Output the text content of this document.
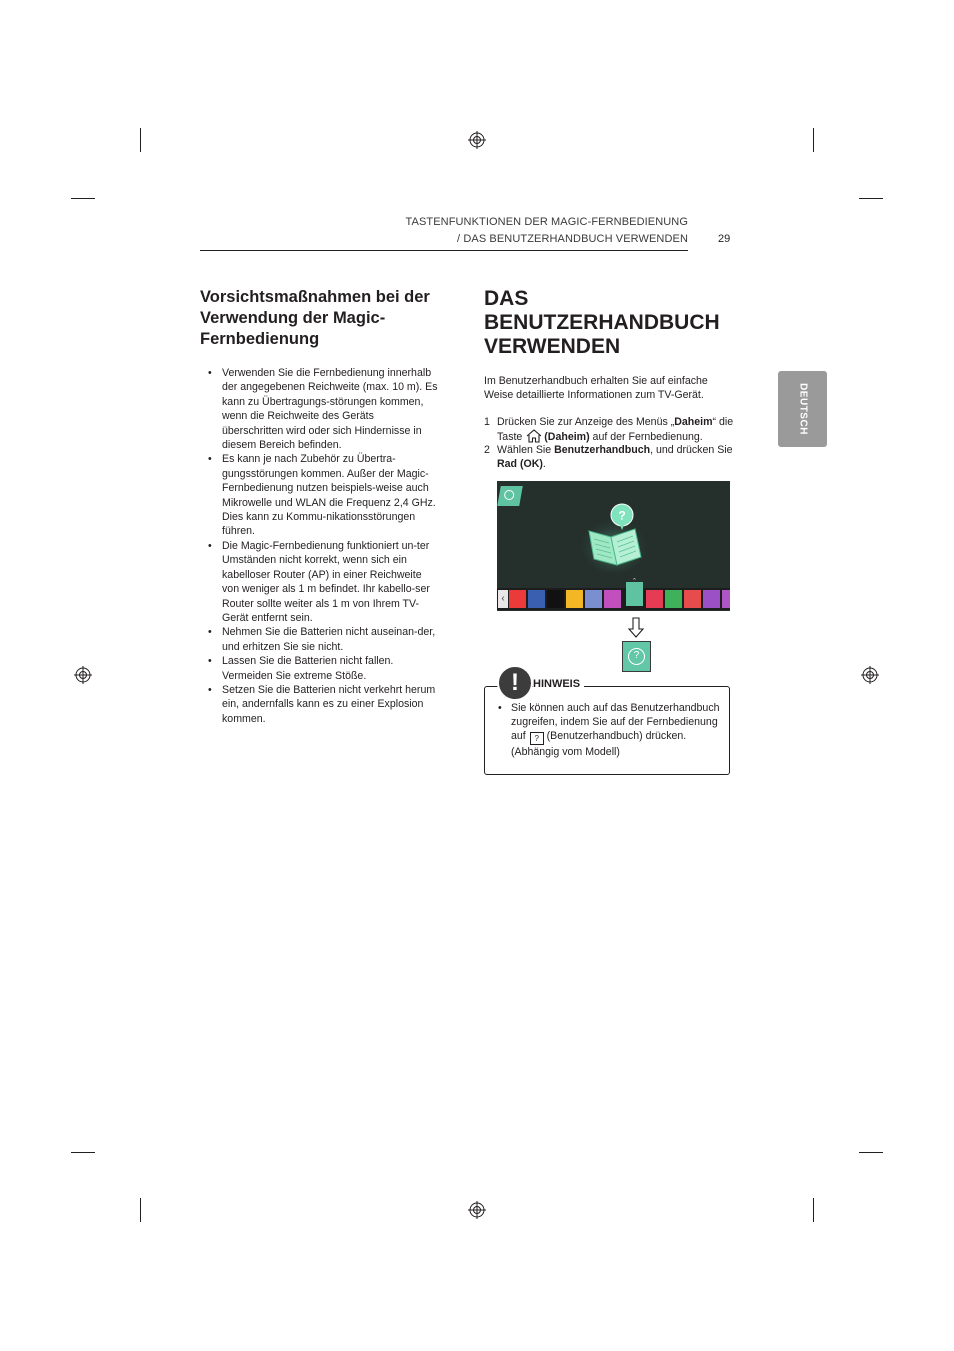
TASTENFUNKTIONEN DER MAGIC-FERNBEDIENUNG
/ DAS BENUTZERHANDBUCH VERWENDEN	29
DEUTSCH
Vorsichtsmaßnahmen bei der Verwendung der Magic-Fernbedienung
• Verwenden Sie die Fernbedienung innerhalb der angegebenen Reichweite (max. 10 m). Es kann zu Übertragungs-störungen kommen, wenn die Reichweite des Geräts überschritten wird oder sich Hindernisse in diesem Bereich befinden.
• Es kann je nach Zubehör zu Übertra-gungsstörungen kommen. Außer der Magic-Fernbedienung nutzen beispiels-weise auch Mikrowelle und WLAN die Frequenz 2,4 GHz. Dies kann zu Kommu-nikationsstörungen führen.
• Die Magic-Fernbedienung funktioniert un-ter Umständen nicht korrekt, wenn sich ein kabelloser Router (AP) in einer Reichweite von weniger als 1 m befindet. Ihr kabello-ser Router sollte weiter als 1 m von Ihrem TV-Gerät entfernt sein.
• Nehmen Sie die Batterien nicht auseinan-der, und erhitzen Sie sie nicht.
• Lassen Sie die Batterien nicht fallen. Vermeiden Sie extreme Stöße.
• Setzen Sie die Batterien nicht verkehrt herum ein, andernfalls kann es zu einer Explosion kommen.
DAS BENUTZERHANDBUCH VERWENDEN
Im Benutzerhandbuch erhalten Sie auf einfache Weise detaillierte Informationen zum TV-Gerät.
1 Drücken Sie zur Anzeige des Menüs „Daheim“ die Taste (Daheim) auf der Fernbedienung.
2 Wählen Sie Benutzerhandbuch, und drücken Sie Rad (OK).
?
‹
?
!	HINWEIS
• Sie können auch auf das Benutzerhandbuch zugreifen, indem Sie auf der Fernbedienung auf ? (Benutzerhandbuch) drücken. (Abhängig vom Modell)
